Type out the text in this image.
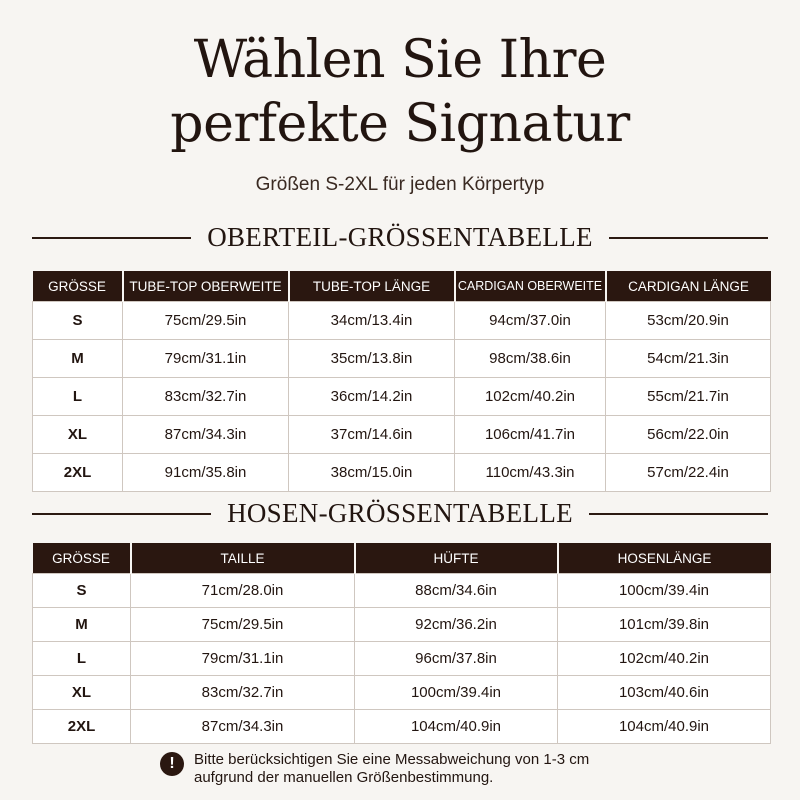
Wählen Sie Ihre
perfekte Signatur
Größen S-2XL für jeden Körpertyp
OBERTEIL-GRÖSSENTABELLE
GRÖSSE	TUBE-TOP OBERWEITE	TUBE-TOP LÄNGE	CARDIGAN OBERWEITE	CARDIGAN LÄNGE
S	75cm/29.5in	34cm/13.4in	94cm/37.0in	53cm/20.9in
M	79cm/31.1in	35cm/13.8in	98cm/38.6in	54cm/21.3in
L	83cm/32.7in	36cm/14.2in	102cm/40.2in	55cm/21.7in
XL	87cm/34.3in	37cm/14.6in	106cm/41.7in	56cm/22.0in
2XL	91cm/35.8in	38cm/15.0in	110cm/43.3in	57cm/22.4in
HOSEN-GRÖSSENTABELLE
GRÖSSE	TAILLE	HÜFTE	HOSENLÄNGE
S	71cm/28.0in	88cm/34.6in	100cm/39.4in
M	75cm/29.5in	92cm/36.2in	101cm/39.8in
L	79cm/31.1in	96cm/37.8in	102cm/40.2in
XL	83cm/32.7in	100cm/39.4in	103cm/40.6in
2XL	87cm/34.3in	104cm/40.9in	104cm/40.9in
!	Bitte berücksichtigen Sie eine Messabweichung von 1-3 cm
aufgrund der manuellen Größenbestimmung.
